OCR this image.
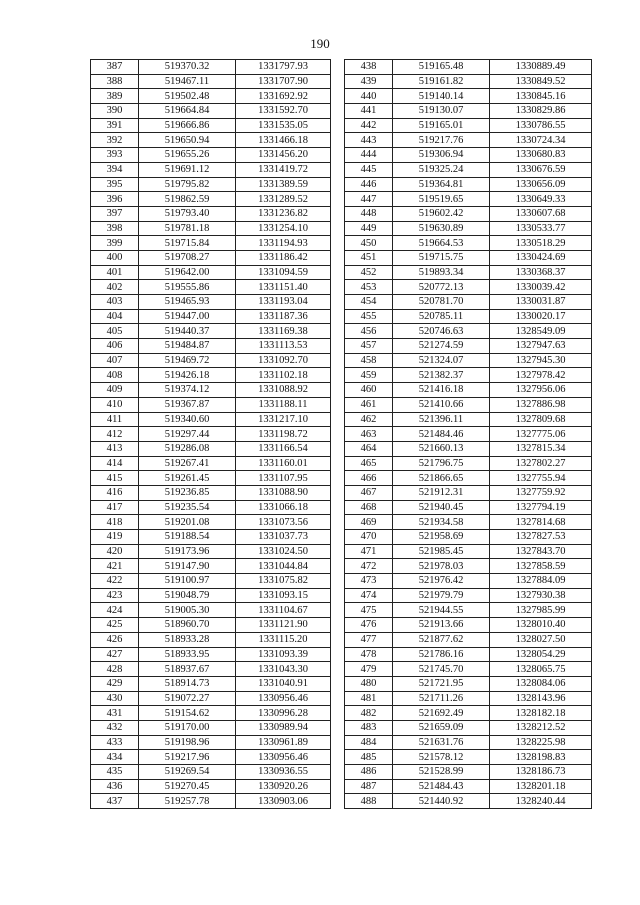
190
387	519370.32	1331797.93
388	519467.11	1331707.90
389	519502.48	1331692.92
390	519664.84	1331592.70
391	519666.86	1331535.05
392	519650.94	1331466.18
393	519655.26	1331456.20
394	519691.12	1331419.72
395	519795.82	1331389.59
396	519862.59	1331289.52
397	519793.40	1331236.82
398	519781.18	1331254.10
399	519715.84	1331194.93
400	519708.27	1331186.42
401	519642.00	1331094.59
402	519555.86	1331151.40
403	519465.93	1331193.04
404	519447.00	1331187.36
405	519440.37	1331169.38
406	519484.87	1331113.53
407	519469.72	1331092.70
408	519426.18	1331102.18
409	519374.12	1331088.92
410	519367.87	1331188.11
411	519340.60	1331217.10
412	519297.44	1331198.72
413	519286.08	1331166.54
414	519267.41	1331160.01
415	519261.45	1331107.95
416	519236.85	1331088.90
417	519235.54	1331066.18
418	519201.08	1331073.56
419	519188.54	1331037.73
420	519173.96	1331024.50
421	519147.90	1331044.84
422	519100.97	1331075.82
423	519048.79	1331093.15
424	519005.30	1331104.67
425	518960.70	1331121.90
426	518933.28	1331115.20
427	518933.95	1331093.39
428	518937.67	1331043.30
429	518914.73	1331040.91
430	519072.27	1330956.46
431	519154.62	1330996.28
432	519170.00	1330989.94
433	519198.96	1330961.89
434	519217.96	1330956.46
435	519269.54	1330936.55
436	519270.45	1330920.26
437	519257.78	1330903.06
438	519165.48	1330889.49
439	519161.82	1330849.52
440	519140.14	1330845.16
441	519130.07	1330829.86
442	519165.01	1330786.55
443	519217.76	1330724.34
444	519306.94	1330680.83
445	519325.24	1330676.59
446	519364.81	1330656.09
447	519519.65	1330649.33
448	519602.42	1330607.68
449	519630.89	1330533.77
450	519664.53	1330518.29
451	519715.75	1330424.69
452	519893.34	1330368.37
453	520772.13	1330039.42
454	520781.70	1330031.87
455	520785.11	1330020.17
456	520746.63	1328549.09
457	521274.59	1327947.63
458	521324.07	1327945.30
459	521382.37	1327978.42
460	521416.18	1327956.06
461	521410.66	1327886.98
462	521396.11	1327809.68
463	521484.46	1327775.06
464	521660.13	1327815.34
465	521796.75	1327802.27
466	521866.65	1327755.94
467	521912.31	1327759.92
468	521940.45	1327794.19
469	521934.58	1327814.68
470	521958.69	1327827.53
471	521985.45	1327843.70
472	521978.03	1327858.59
473	521976.42	1327884.09
474	521979.79	1327930.38
475	521944.55	1327985.99
476	521913.66	1328010.40
477	521877.62	1328027.50
478	521786.16	1328054.29
479	521745.70	1328065.75
480	521721.95	1328084.06
481	521711.26	1328143.96
482	521692.49	1328182.18
483	521659.09	1328212.52
484	521631.76	1328225.98
485	521578.12	1328198.83
486	521528.99	1328186.73
487	521484.43	1328201.18
488	521440.92	1328240.44
